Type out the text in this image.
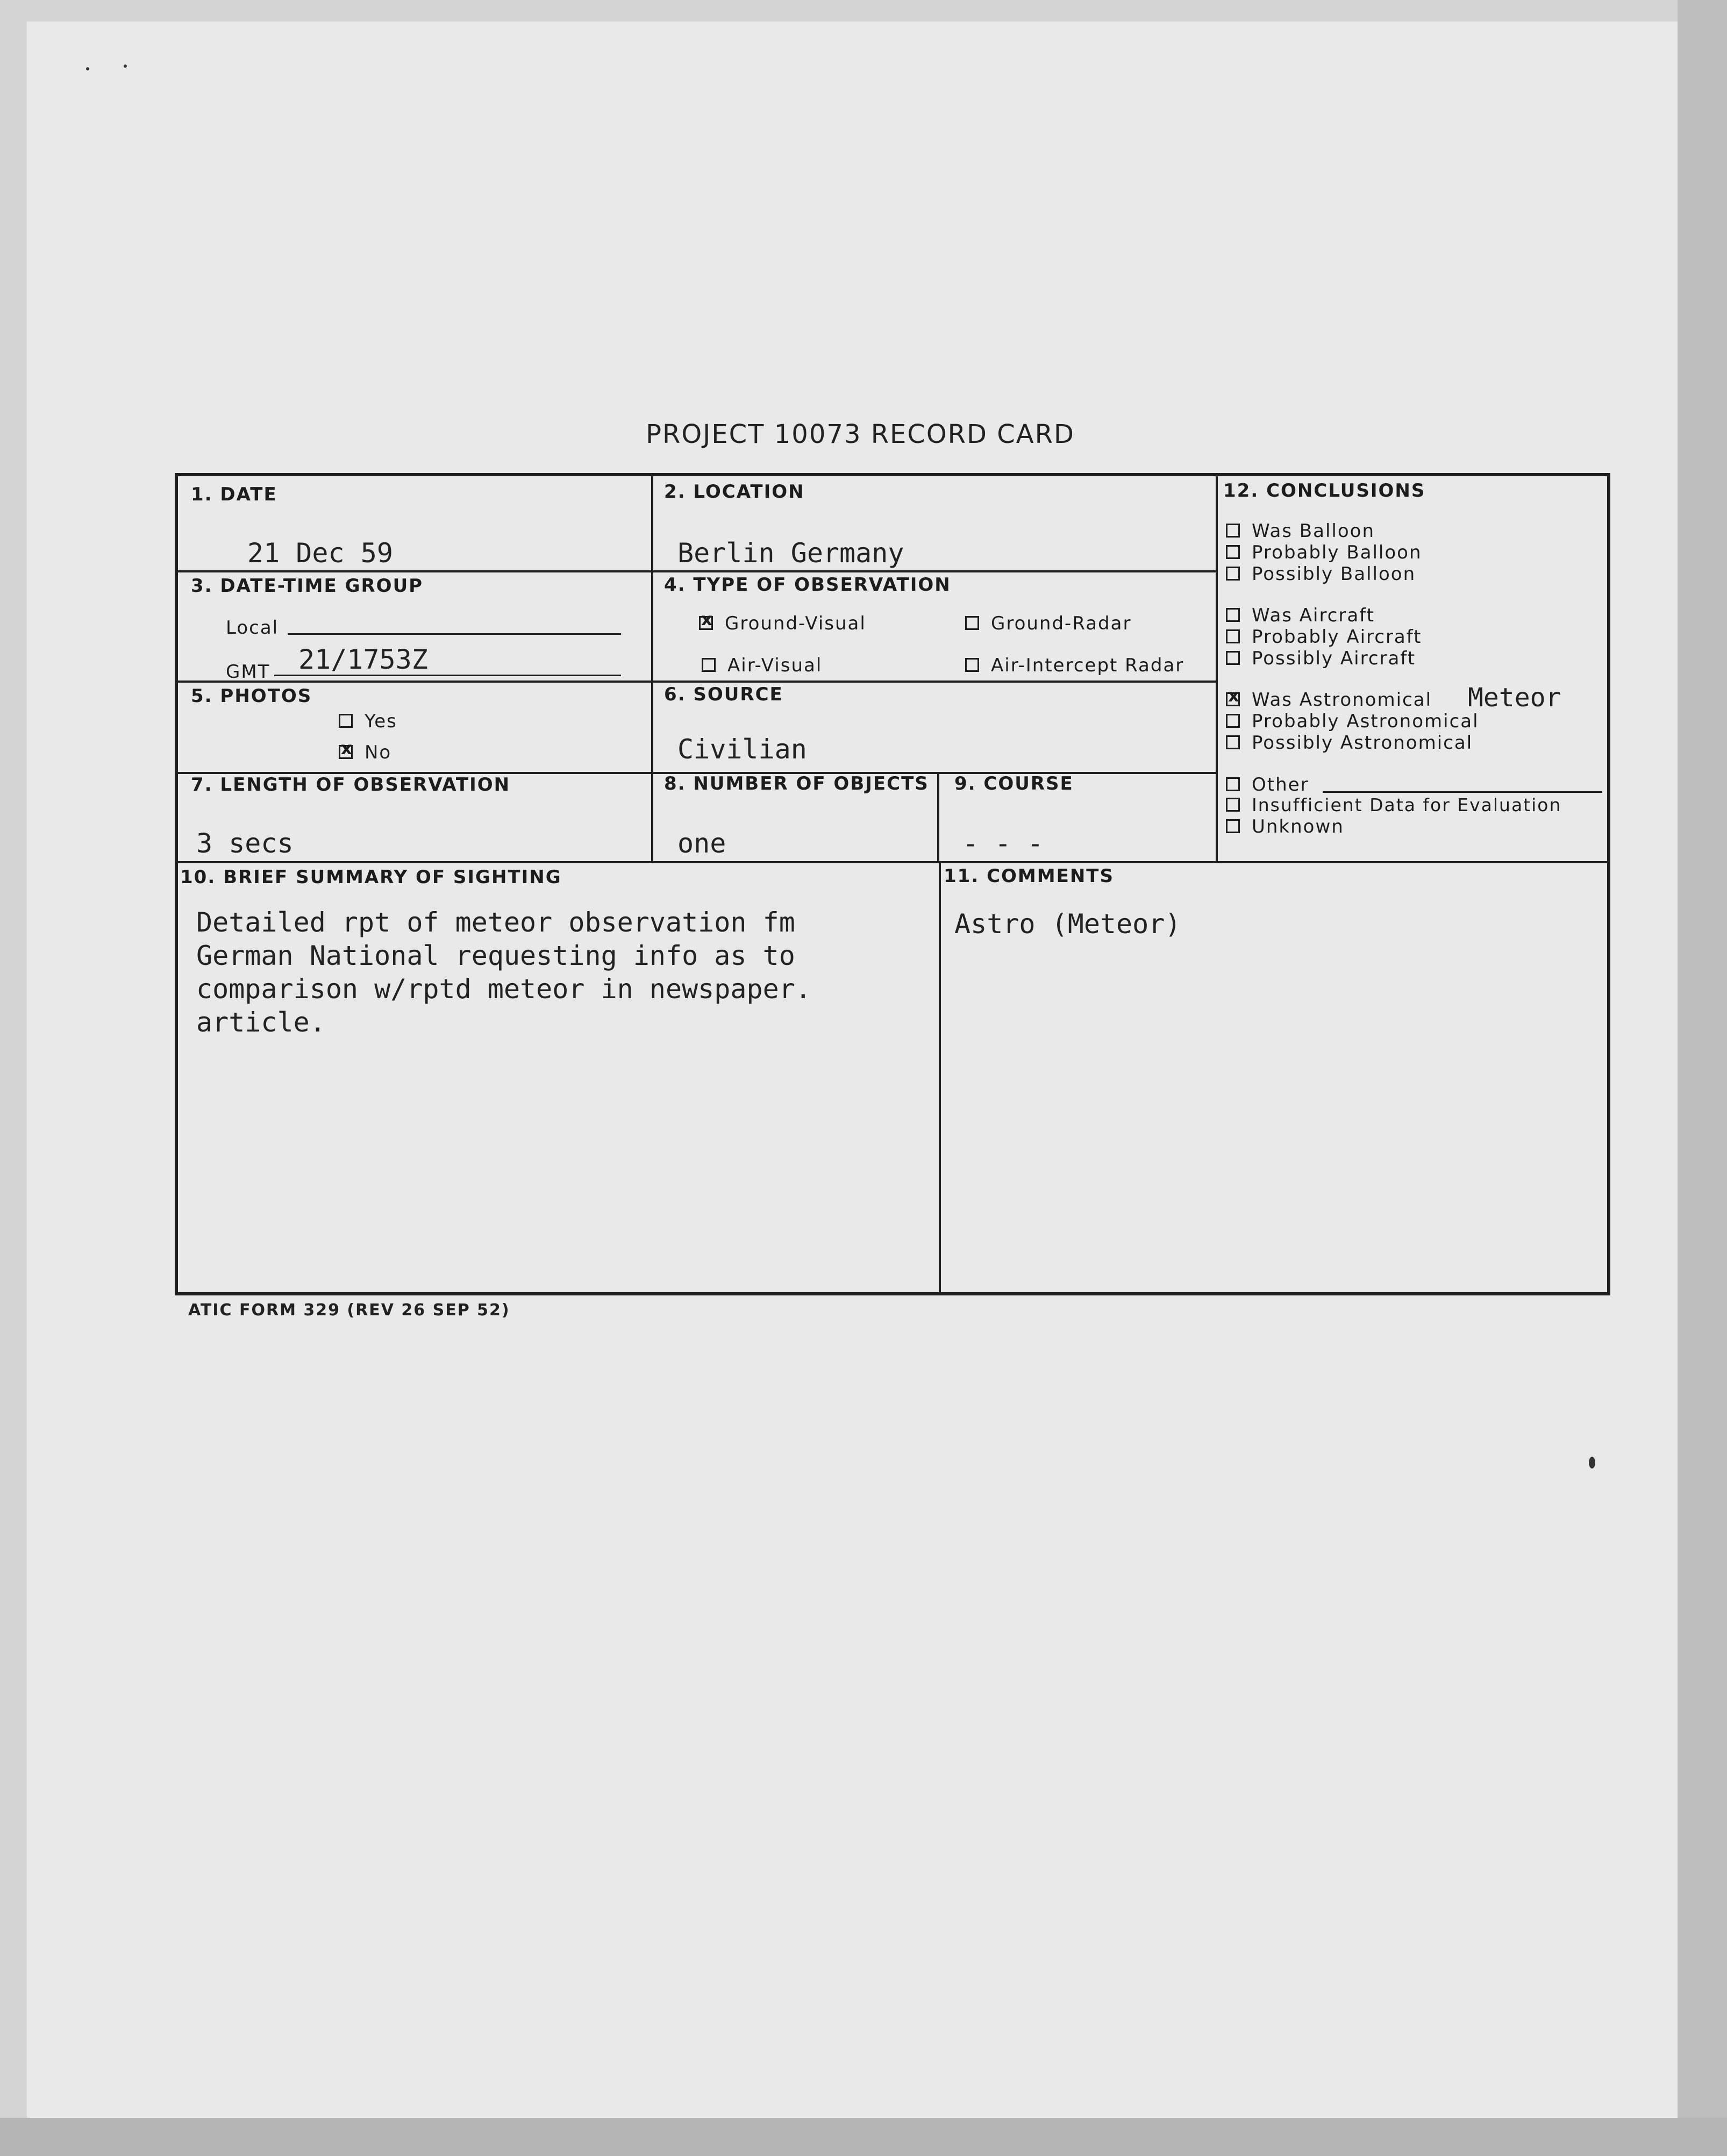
PROJECT 10073 RECORD CARD
1. DATE
21 Dec 59
2. LOCATION
Berlin Germany
3. DATE-TIME GROUP
Local
GMT 21/1753Z
4. TYPE OF OBSERVATION
xGround-Visual	Ground-Radar
Air-Visual	Air-Intercept Radar
5. PHOTOS
Yes
xNo
6. SOURCE
Civilian
7. LENGTH OF OBSERVATION
3 secs
8. NUMBER OF OBJECTS
one
9. COURSE
- - -
10. BRIEF SUMMARY OF SIGHTING
Detailed rpt of meteor observation fm
German National requesting info as to
comparison w/rptd meteor in newspaper.
article.
11. COMMENTS
Astro (Meteor)
12. CONCLUSIONS
Was Balloon
Probably Balloon
Possibly Balloon
Was Aircraft
Probably Aircraft
Possibly Aircraft
xWas Astronomical Meteor
Probably Astronomical
Possibly Astronomical
Other
Insufficient Data for Evaluation
Unknown
ATIC FORM 329 (REV 26 SEP 52)
